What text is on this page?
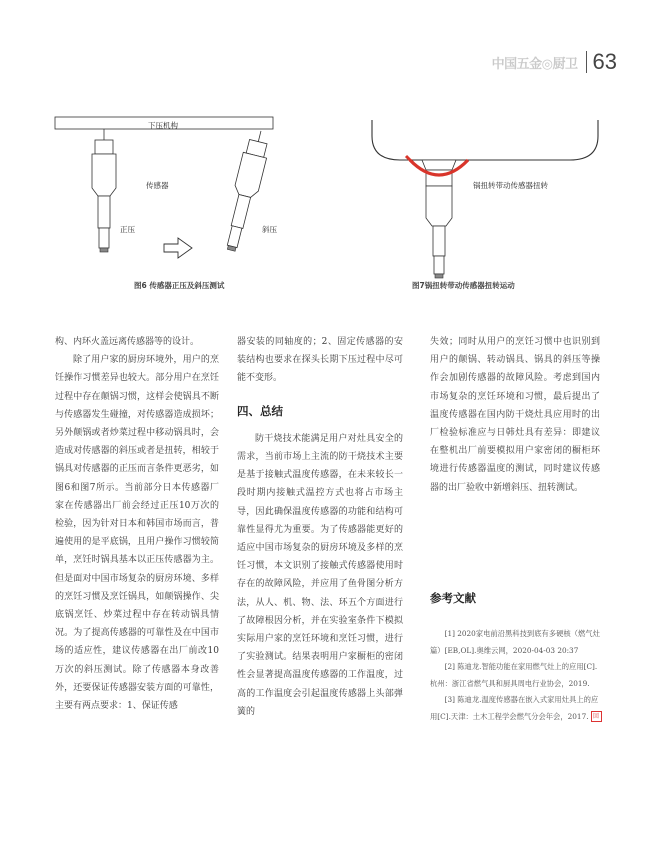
中国五金◎厨卫 63
下压机构
传感器
正压	斜压
图6 传感器正压及斜压测试
锅扭转带动传感器扭转
图7锅扭转带动传感器扭转运动

构、内环火盖远离传感器等的设计。

除了用户家的厨房环境外，用户的烹饪操作习惯差异也较大。部分用户在烹饪过程中存在颠锅习惯，这样会使锅具不断与传感器发生碰撞，对传感器造成损坏；另外颠锅或者炒菜过程中移动锅具时，会造成对传感器的斜压或者是扭转，相较于锅具对传感器的正压而言条件更恶劣，如图6和图7所示。当前部分日本传感器厂家在传感器出厂前会经过正压10万次的检验，因为针对日本和韩国市场而言，普遍使用的是平底锅，且用户操作习惯较简单，烹饪时锅具基本以正压传感器为主。但是面对中国市场复杂的厨房环境、多样的烹饪习惯及烹饪锅具，如颠锅操作、尖底锅烹饪、炒菜过程中存在转动锅具情况。为了提高传感器的可靠性及在中国市场的适应性，建议传感器在出厂前改10万次的斜压测试。除了传感器本身改善外，还要保证传感器安装方面的可靠性，主要有两点要求：1、保证传感

器安装的同轴度的；2、固定传感器的安装结构也要求在探头长期下压过程中尽可能不变形。

四、总结

防干烧技术能满足用户对灶具安全的需求，当前市场上主流的防干烧技术主要是基于接触式温度传感器，在未来较长一段时期内接触式温控方式也将占市场主导，因此确保温度传感器的功能和结构可靠性显得尤为重要。为了传感器能更好的适应中国市场复杂的厨房环境及多样的烹饪习惯，本文识别了接触式传感器使用时存在的故障风险，并应用了鱼骨图分析方法，从人、机、物、法、环五个方面进行了故障根因分析，并在实验室条件下模拟实际用户家的烹饪环境和烹饪习惯，进行了实验测试。结果表明用户家橱柜的密闭性会显著提高温度传感器的工作温度，过高的工作温度会引起温度传感器上头部弹簧的

失效；同时从用户的烹饪习惯中也识别到用户的颠锅、转动锅具、锅具的斜压等操作会加剧传感器的故障风险。考虑到国内市场复杂的烹饪环境和习惯，最后提出了温度传感器在国内防干烧灶具应用时的出厂检验标准应与日韩灶具有差异：即建议在整机出厂前要模拟用户家密闭的橱柜环境进行传感器温度的测试，同时建议传感器的出厂验收中新增斜压、扭转测试。

参考文献

[1] 2020家电前沿黑科技到底有多硬核（燃气灶篇）[EB,OL].奥维云网，2020-04-03 20:37

[2] 陈迪龙.智能功能在家用燃气灶上的应用[C].杭州：浙江省燃气具和厨具周电行业协会，2019.

[3] 陈迪龙.温度传感器在嵌入式家用灶具上的应用[C].天津：土木工程学会燃气分会年会，2017. 回
